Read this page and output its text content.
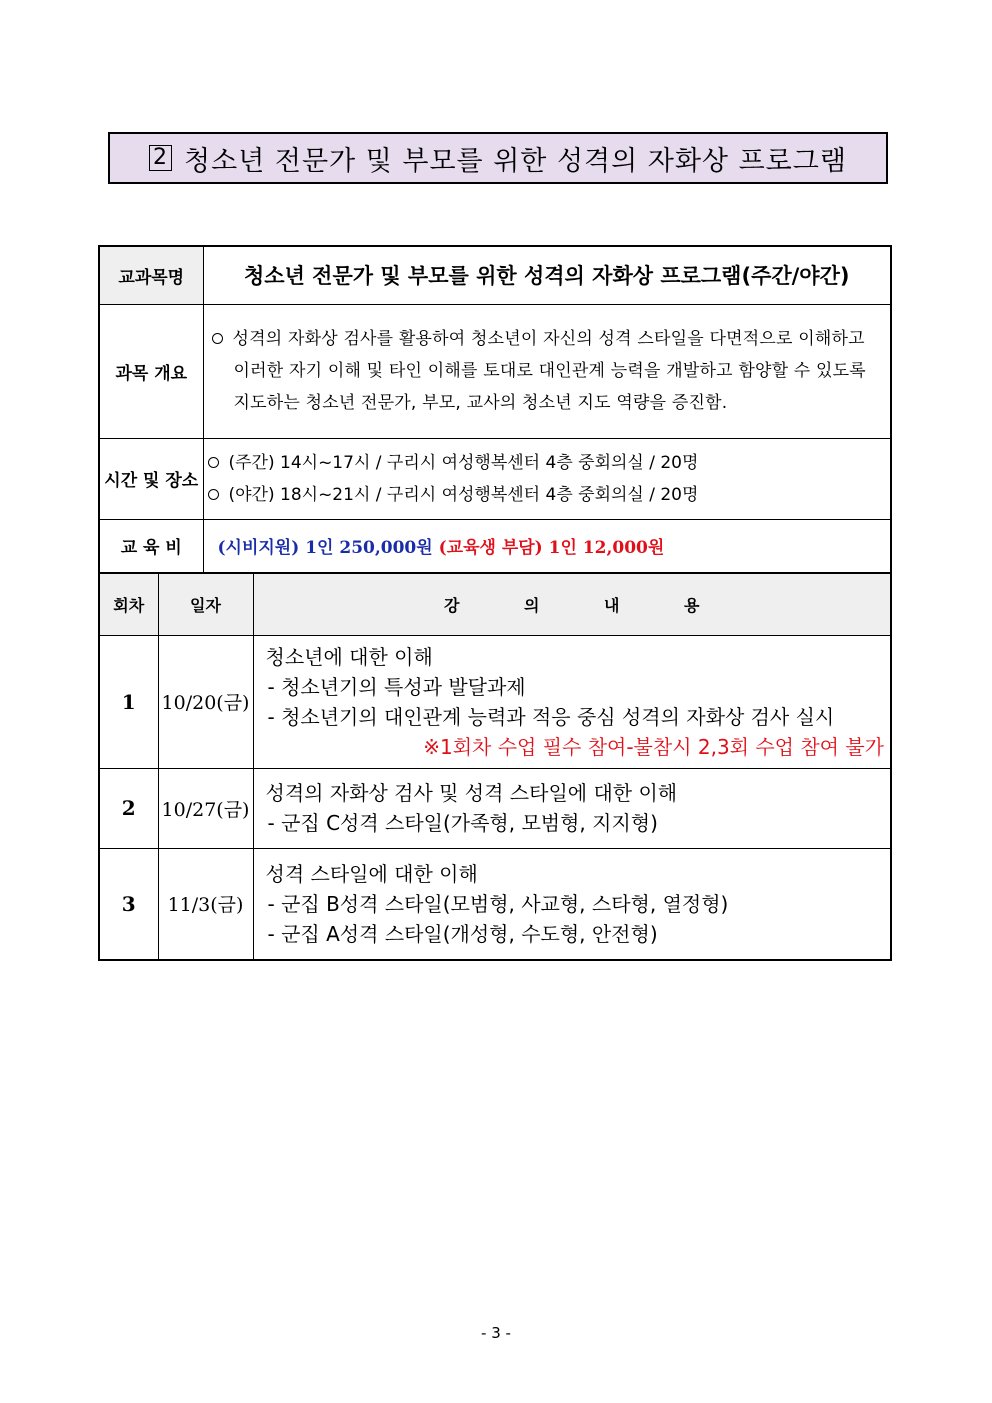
2 청소년 전문가 및 부모를 위한 성격의 자화상 프로그램
교과목명	청소년 전문가 및 부모를 위한 성격의 자화상 프로그램(주간/야간)
과목 개요	성격의 자화상 검사를 활용하여 청소년이 자신의 성격 스타일을 다면적으로 이해하고 이러한 자기 이해 및 타인 이해를 토대로 대인관계 능력을 개발하고 함양할 수 있도록 지도하는 청소년 전문가, 부모, 교사의 청소년 지도 역량을 증진함.
시간 및 장소	(주간) 14시~17시 / 구리시 여성행복센터 4층 중회의실 / 20명
(야간) 18시~21시 / 구리시 여성행복센터 4층 중회의실 / 20명

교 육 비	(시비지원) 1인 250,000원 (교육생 부담) 1인 12,000원
회차	일자	강 의 내 용
1	10/20(금)	청소년에 대한 이해
- 청소년기의 특성과 발달과제
- 청소년기의 대인관계 능력과 적응 중심 성격의 자화상 검사 실시
※1회차 수업 필수 참여-불참시 2,3회 수업 참여 불가

2	10/27(금)	성격의 자화상 검사 및 성격 스타일에 대한 이해
- 군집 C성격 스타일(가족형, 모범형, 지지형)

3	11/3(금)	성격 스타일에 대한 이해
- 군집 B성격 스타일(모범형, 사교형, 스타형, 열정형)
- 군집 A성격 스타일(개성형, 수도형, 안전형)
- 3 -
